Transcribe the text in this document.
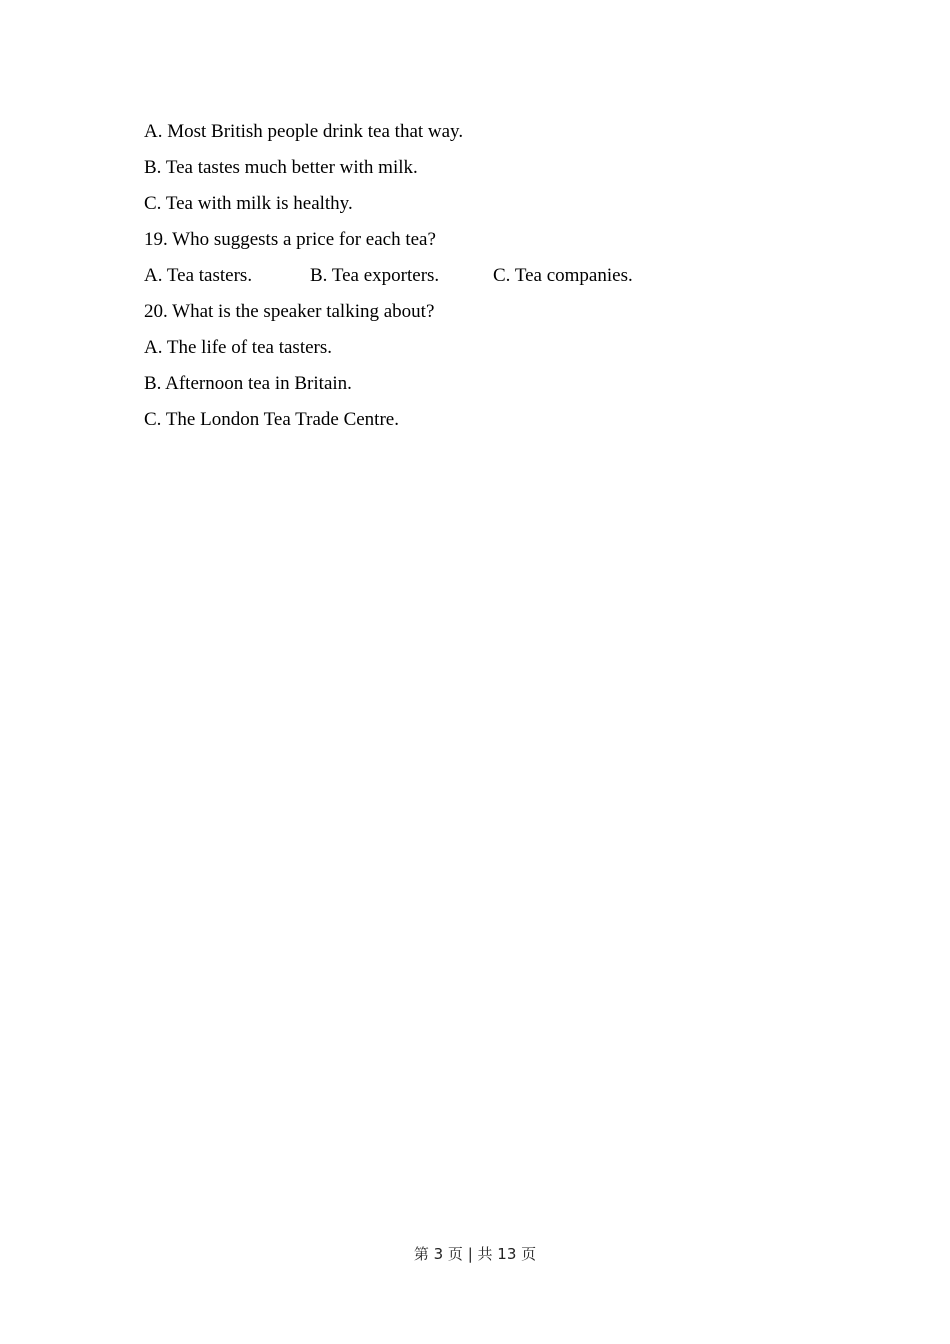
A. Most British people drink tea that way.
B. Tea tastes much better with milk.
C. Tea with milk is healthy.
19. Who suggests a price for each tea?
A. Tea tasters.	B. Tea exporters.	C. Tea companies.
20. What is the speaker talking about?
A. The life of tea tasters.
B. Afternoon tea in Britain.
C. The London Tea Trade Centre.
第 3 页 | 共 13 页
